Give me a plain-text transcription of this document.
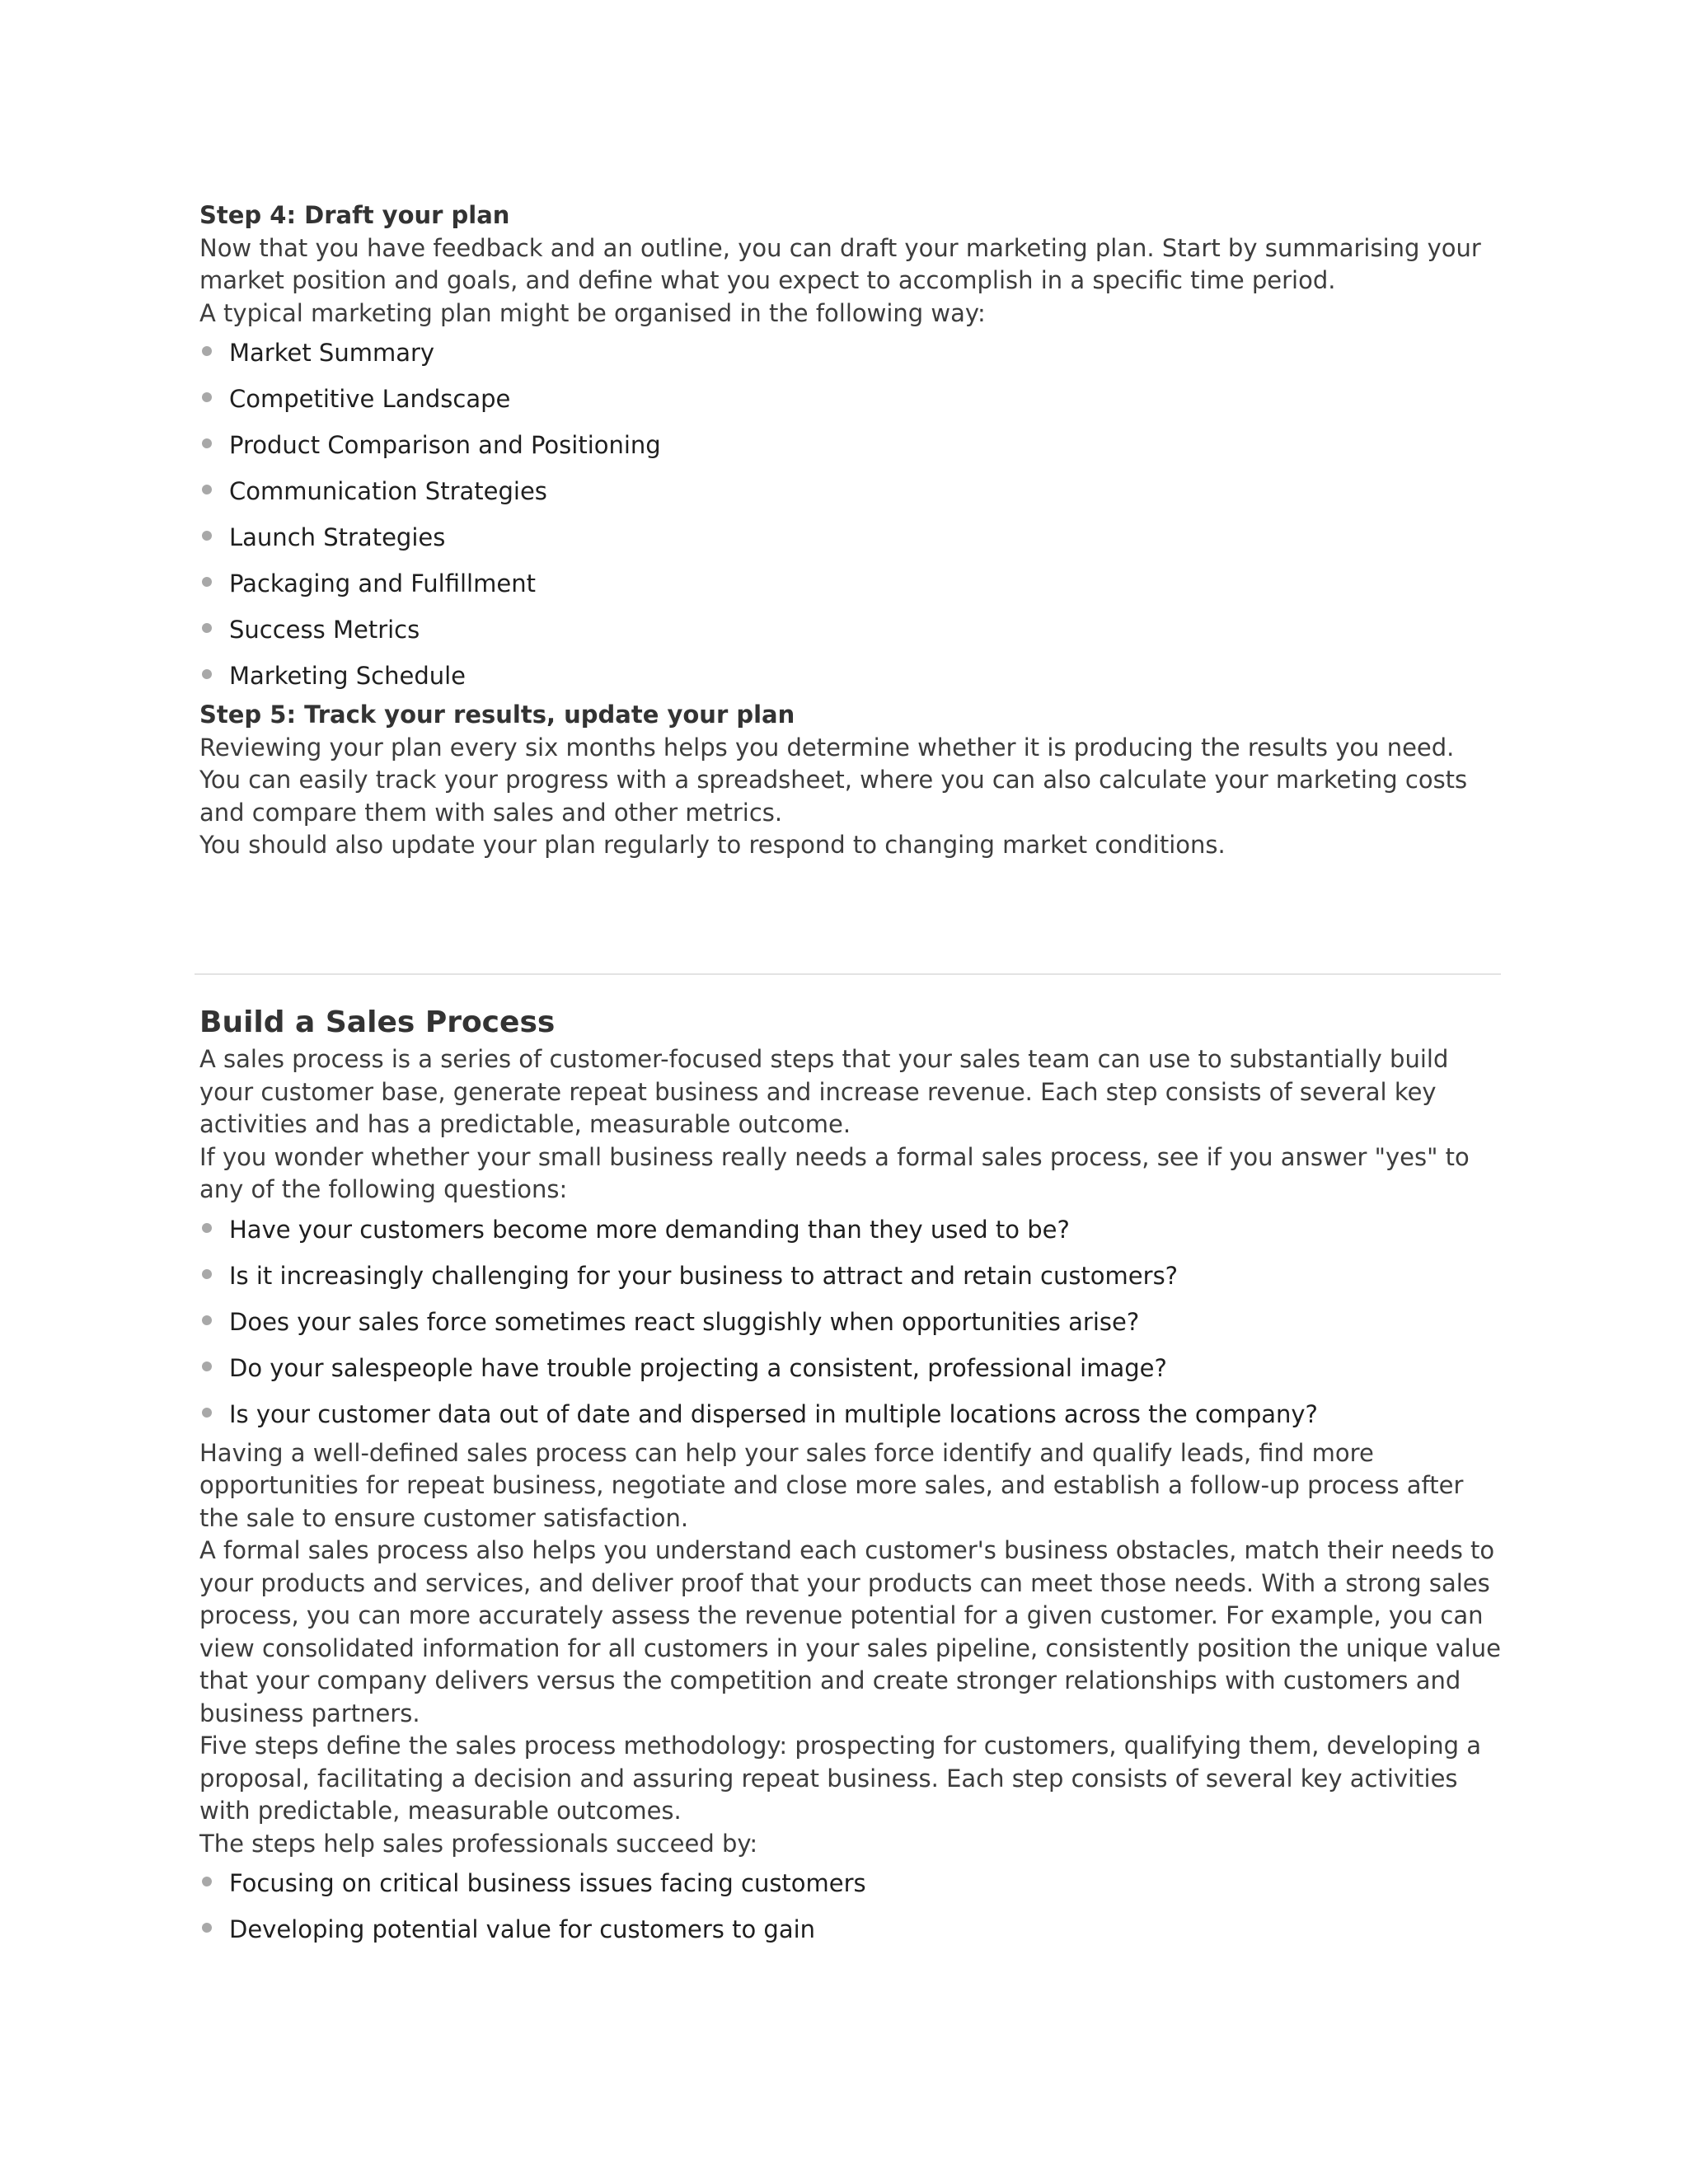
Step 4: Draft your plan

Now that you have feedback and an outline, you can draft your marketing plan. Start by summarising your market position and goals, and define what you expect to accomplish in a specific time period.

A typical marketing plan might be organised in the following way:

Market Summary
Competitive Landscape
Product Comparison and Positioning
Communication Strategies
Launch Strategies
Packaging and Fulfillment
Success Metrics
Marketing Schedule

Step 5: Track your results, update your plan

Reviewing your plan every six months helps you determine whether it is producing the results you need. You can easily track your progress with a spreadsheet, where you can also calculate your marketing costs and compare them with sales and other metrics.

You should also update your plan regularly to respond to changing market conditions.

Build a Sales Process

A sales process is a series of customer-focused steps that your sales team can use to substantially build your customer base, generate repeat business and increase revenue. Each step consists of several key activities and has a predictable, measurable outcome.

If you wonder whether your small business really needs a formal sales process, see if you answer "yes" to any of the following questions:

Have your customers become more demanding than they used to be?
Is it increasingly challenging for your business to attract and retain customers?
Does your sales force sometimes react sluggishly when opportunities arise?
Do your salespeople have trouble projecting a consistent, professional image?
Is your customer data out of date and dispersed in multiple locations across the company?

Having a well-defined sales process can help your sales force identify and qualify leads, find more opportunities for repeat business, negotiate and close more sales, and establish a follow-up process after the sale to ensure customer satisfaction.

A formal sales process also helps you understand each customer's business obstacles, match their needs to your products and services, and deliver proof that your products can meet those needs. With a strong sales process, you can more accurately assess the revenue potential for a given customer. For example, you can view consolidated information for all customers in your sales pipeline, consistently position the unique value that your company delivers versus the competition and create stronger relationships with customers and business partners.

Five steps define the sales process methodology: prospecting for customers, qualifying them, developing a proposal, facilitating a decision and assuring repeat business. Each step consists of several key activities with predictable, measurable outcomes.

The steps help sales professionals succeed by:

Focusing on critical business issues facing customers
Developing potential value for customers to gain
